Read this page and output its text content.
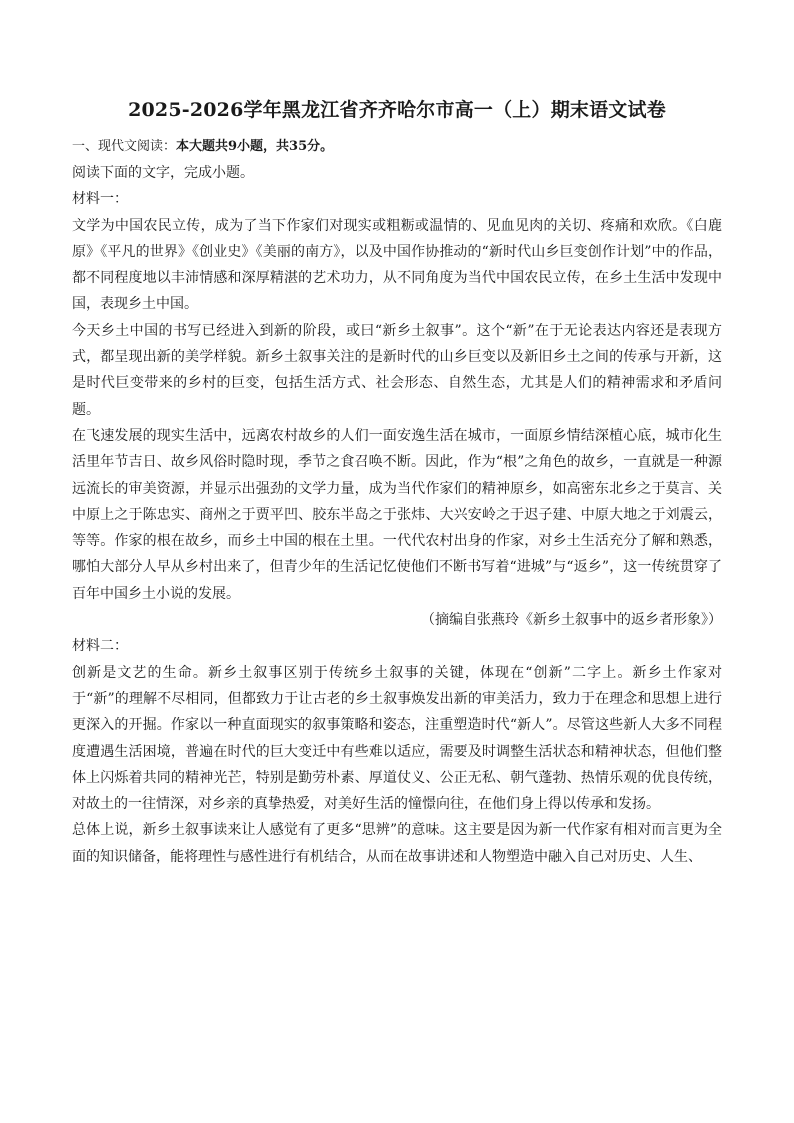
2025-2026学年黑龙江省齐齐哈尔市高一（上）期末语文试卷
一、现代文阅读：本大题共9小题，共35分。

阅读下面的文字，完成小题。

材料一：

文学为中国农民立传，成为了当下作家们对现实或粗粝或温情的、见血见肉的关切、疼痛和欢欣。《白鹿原》《平凡的世界》《创业史》《美丽的南方》，以及中国作协推动的“新时代山乡巨变创作计划”中的作品，都不同程度地以丰沛情感和深厚精湛的艺术功力，从不同角度为当代中国农民立传，在乡土生活中发现中国，表现乡土中国。

今天乡土中国的书写已经进入到新的阶段，或曰“新乡土叙事”。这个“新”在于无论表达内容还是表现方式，都呈现出新的美学样貌。新乡土叙事关注的是新时代的山乡巨变以及新旧乡土之间的传承与开新，这是时代巨变带来的乡村的巨变，包括生活方式、社会形态、自然生态，尤其是人们的精神需求和矛盾问题。

在飞速发展的现实生活中，远离农村故乡的人们一面安逸生活在城市，一面原乡情结深植心底，城市化生活里年节吉日、故乡风俗时隐时现，季节之食召唤不断。因此，作为“根”之角色的故乡，一直就是一种源远流长的审美资源，并显示出强劲的文学力量，成为当代作家们的精神原乡，如高密东北乡之于莫言、关中原上之于陈忠实、商州之于贾平凹、胶东半岛之于张炜、大兴安岭之于迟子建、中原大地之于刘震云，等等。作家的根在故乡，而乡土中国的根在土里。一代代农村出身的作家，对乡土生活充分了解和熟悉，哪怕大部分人早从乡村出来了，但青少年的生活记忆使他们不断书写着“进城”与“返乡”，这一传统贯穿了百年中国乡土小说的发展。

（摘编自张燕玲《新乡土叙事中的返乡者形象》）

材料二：

创新是文艺的生命。新乡土叙事区别于传统乡土叙事的关键，体现在“创新”二字上。新乡土作家对于“新”的理解不尽相同，但都致力于让古老的乡土叙事焕发出新的审美活力，致力于在理念和思想上进行更深入的开掘。作家以一种直面现实的叙事策略和姿态，注重塑造时代“新人”。尽管这些新人大多不同程度遭遇生活困境，普遍在时代的巨大变迁中有些难以适应，需要及时调整生活状态和精神状态，但他们整体上闪烁着共同的精神光芒，特别是勤劳朴素、厚道仗义、公正无私、朝气蓬勃、热情乐观的优良传统，对故土的一往情深，对乡亲的真挚热爱，对美好生活的憧憬向往，在他们身上得以传承和发扬。

总体上说，新乡土叙事读来让人感觉有了更多“思辨”的意味。这主要是因为新一代作家有相对而言更为全面的知识储备，能将理性与感性进行有机结合，从而在故事讲述和人物塑造中融入自己对历史、人生、
